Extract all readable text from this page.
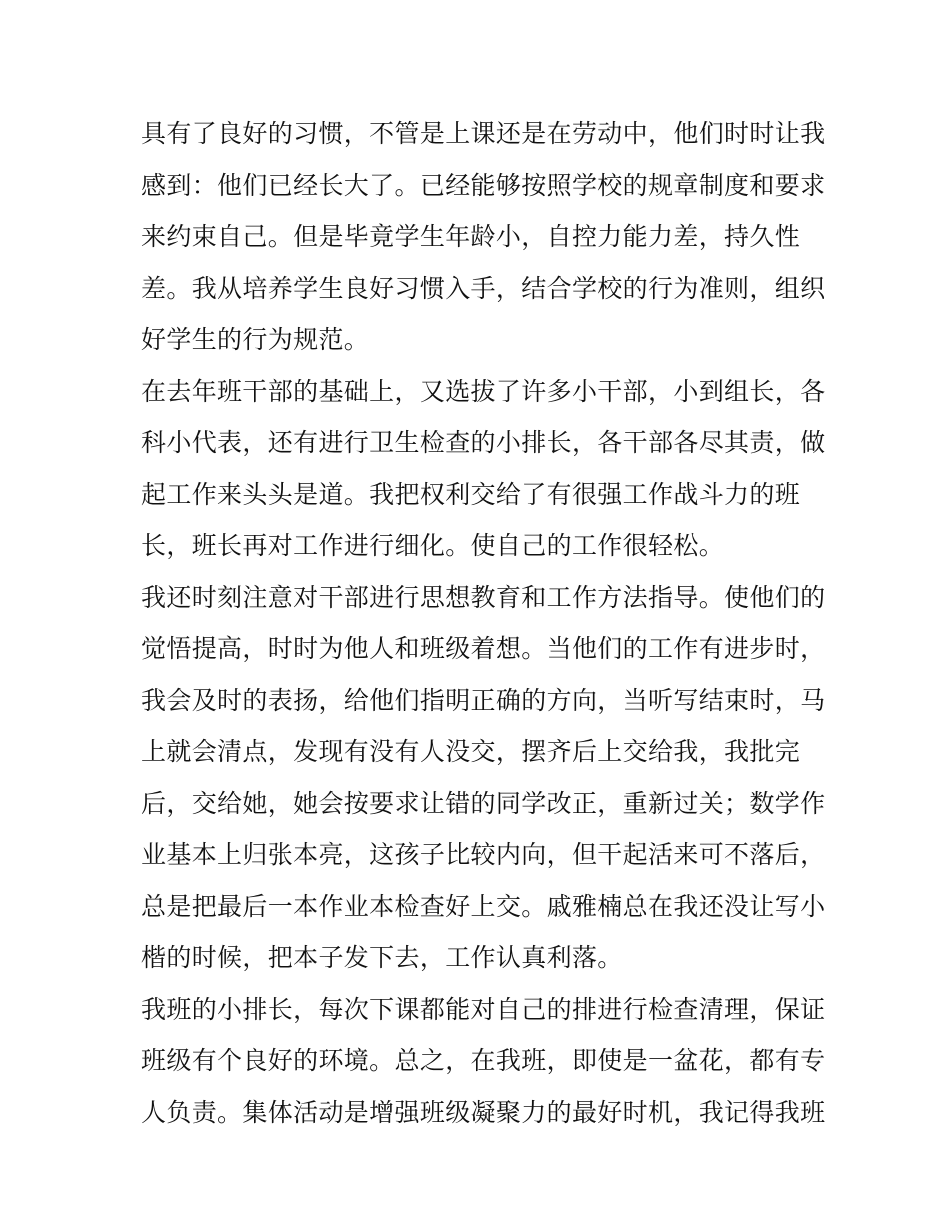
具有了良好的习惯，不管是上课还是在劳动中，他们时时让我
感到：他们已经长大了。已经能够按照学校的规章制度和要求
来约束自己。但是毕竟学生年龄小，自控力能力差，持久性
差。我从培养学生良好习惯入手，结合学校的行为准则，组织
好学生的行为规范。
在去年班干部的基础上，又选拔了许多小干部，小到组长，各
科小代表，还有进行卫生检查的小排长，各干部各尽其责，做
起工作来头头是道。我把权利交给了有很强工作战斗力的班
长，班长再对工作进行细化。使自己的工作很轻松。
我还时刻注意对干部进行思想教育和工作方法指导。使他们的
觉悟提高，时时为他人和班级着想。当他们的工作有进步时，
我会及时的表扬，给他们指明正确的方向，当听写结束时，马
上就会清点，发现有没有人没交，摆齐后上交给我，我批完
后，交给她，她会按要求让错的同学改正，重新过关；数学作
业基本上归张本亮，这孩子比较内向，但干起活来可不落后，
总是把最后一本作业本检查好上交。戚雅楠总在我还没让写小
楷的时候，把本子发下去，工作认真利落。
我班的小排长，每次下课都能对自己的排进行检查清理，保证
班级有个良好的环境。总之，在我班，即使是一盆花，都有专
人负责。集体活动是增强班级凝聚力的最好时机，我记得我班
